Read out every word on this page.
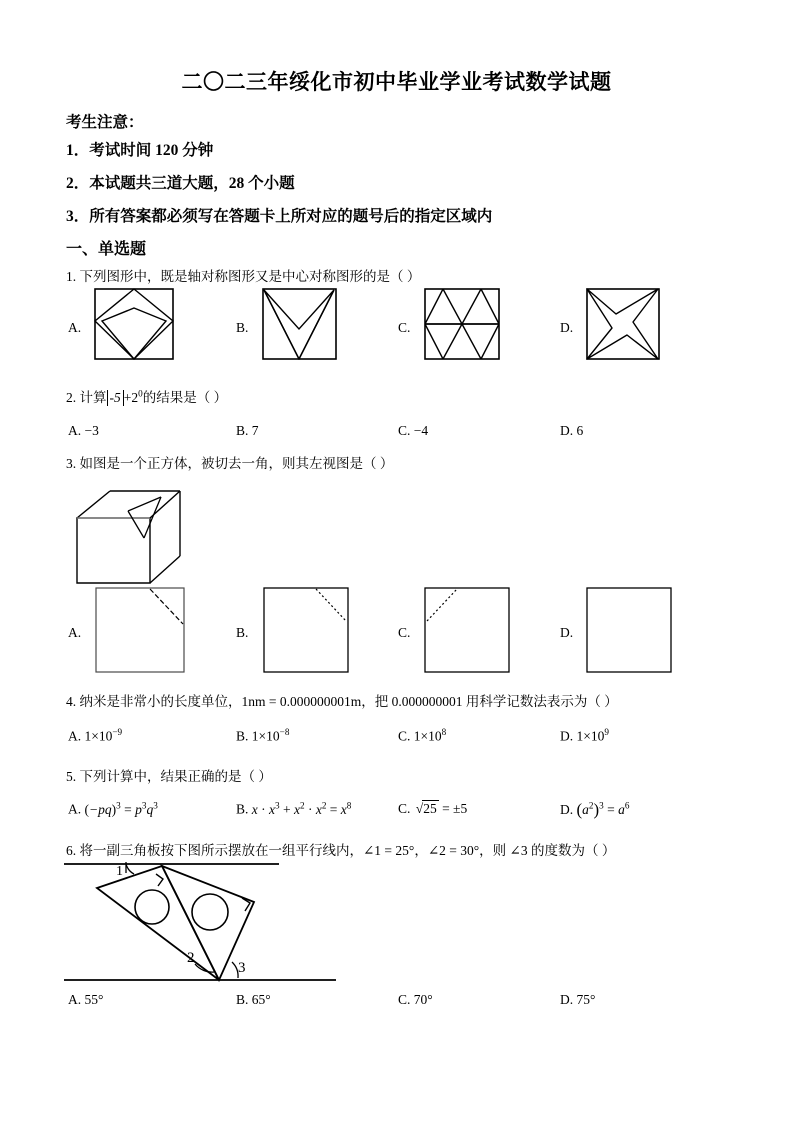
二〇二三年绥化市初中毕业学业考试数学试题
考生注意：
1．考试时间 120 分钟
2．本试题共三道大题，28 个小题
3．所有答案都必须写在答题卡上所对应的题号后的指定区域内
一、单选题
1. 下列图形中，既是轴对称图形又是中心对称图形的是（ ）
A.	B.	C.	D.
2. 计算 $-5 +2^0$的结果是（ ）
A. −3	B. 7	C. −4	D. 6
3. 如图是一个正方体，被切去一角，则其左视图是（ ）
A.	B.	C.	D.
4. 纳米是非常小的长度单位，1nm = 0.000000001m，把 0.000000001 用科学记数法表示为（ ）
A. $1\times 10^{-9}$	B. $1\times 10^{-8}$	C. $1\times 10^8$	D. $1\times 10^9$
5. 下列计算中，结果正确的是（ ）
A. $(-pq)^3 = p^3q^3$	B. $x \cdot x^3 + x^2 \cdot x^2 = x^8$	C. √25 = ±5	D. $(a^2)^3 = a^6$
6. 将一副三角板按下图所示摆放在一组平行线内，∠1 = 25°，∠2 = 30°，则 ∠3 的度数为（ ）
1
2
3
A. 55°	B. 65°	C. 70°	D. 75°
